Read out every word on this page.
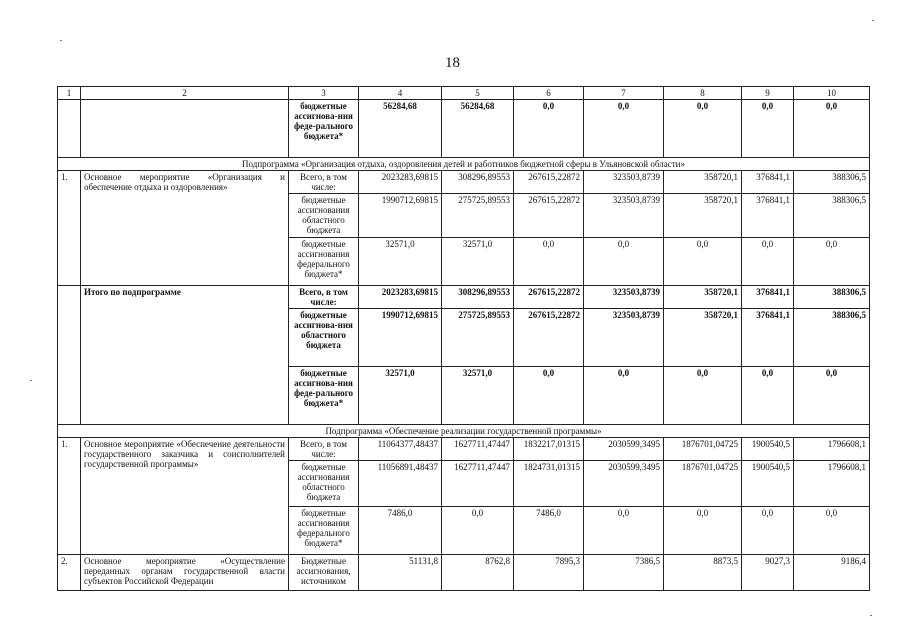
18
1	2	3	4	5	6	7	8	9	10
		бюджетные ассигнова-ния феде-рального бюджета*	56284,68	56284,68	0,0	0,0	0,0	0,0	0,0
Подпрограмма «Организация отдыха, оздоровления детей и работников бюджетной сферы в Ульяновской области»									
1.	Основное мероприятие «Организация и обеспечение отдыха и оздоровления»	Всего, в том числе:	2023283,69815	308296,89553	267615,22872	323503,8739	358720,1	376841,1	388306,5
		бюджетные ассигнования областного бюджета	1990712,69815	275725,89553	267615,22872	323503,8739	358720,1	376841,1	388306,5
		бюджетные ассигнования федерального бюджета*	32571,0	32571,0	0,0	0,0	0,0	0,0	0,0
	Итого по подпрограмме	Всего, в том числе:	2023283,69815	308296,89553	267615,22872	323503,8739	358720,1	376841,1	388306,5
		бюджетные ассигнова-ния областного бюджета	1990712,69815	275725,89553	267615,22872	323503,8739	358720,1	376841,1	388306,5
		бюджетные ассигнова-ния феде-рального бюджета*	32571,0	32571,0	0,0	0,0	0,0	0,0	0,0
Подпрограмма «Обеспечение реализации государственной программы»									
1.	Основное мероприятие «Обеспечение деятельности государственного заказчика и соисполнителей государственной программы»	Всего, в том числе:	11064377,48437	1627711,47447	1832217,01315	2030599,3495	1876701,04725	1900540,5	1796608,1
		бюджетные ассигнования областного бюджета	11056891,48437	1627711,47447	1824731,01315	2030599,3495	1876701,04725	1900540,5	1796608,1
		бюджетные ассигнования федерального бюджета*	7486,0	0,0	7486,0	0,0	0,0	0,0	0,0
2.	Основное мероприятие «Осуществление переданных органам государственной власти субъектов Российской Федерации	Бюджетные ассигнования, источником	51131,8	8762,8	7895,3	7386,5	8873,5	9027,3	9186,4
